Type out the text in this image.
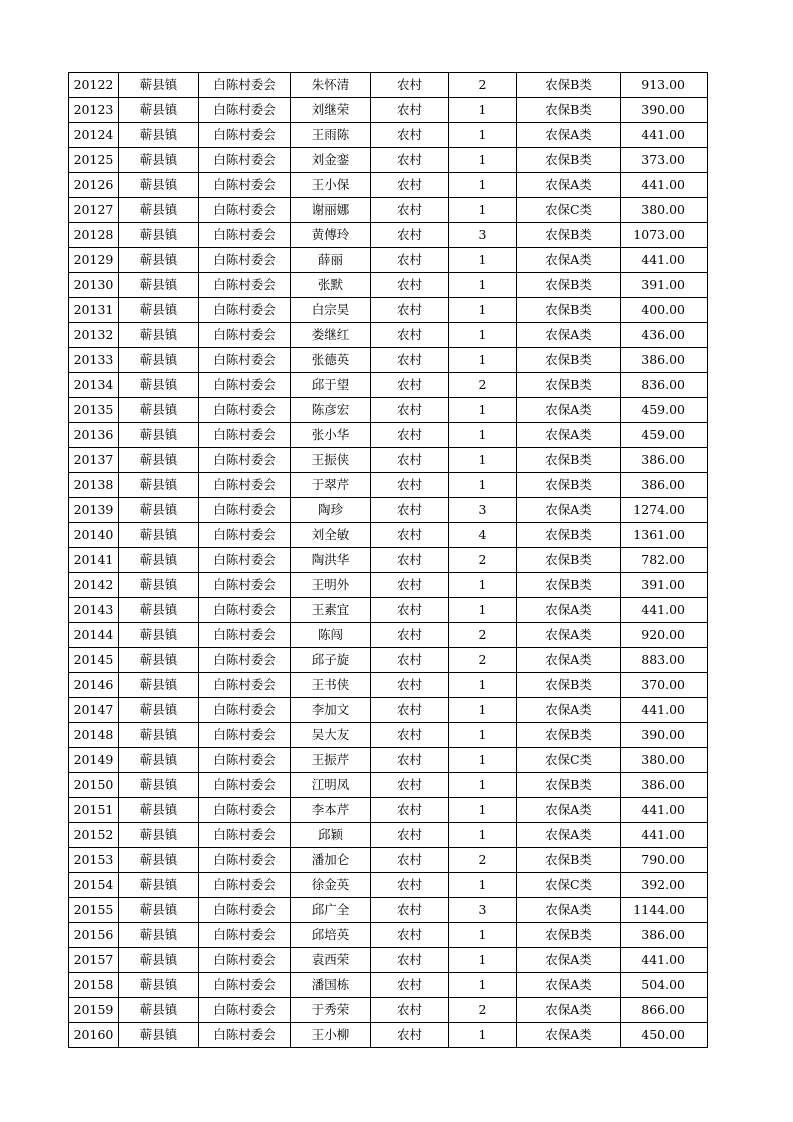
20122	蕲县镇	白陈村委会	朱怀清	农村	2	农保B类	913.00
20123	蕲县镇	白陈村委会	刘继荣	农村	1	农保B类	390.00
20124	蕲县镇	白陈村委会	王雨陈	农村	1	农保A类	441.00
20125	蕲县镇	白陈村委会	刘金銮	农村	1	农保B类	373.00
20126	蕲县镇	白陈村委会	王小保	农村	1	农保A类	441.00
20127	蕲县镇	白陈村委会	谢丽娜	农村	1	农保C类	380.00
20128	蕲县镇	白陈村委会	黄傅玲	农村	3	农保B类	1073.00
20129	蕲县镇	白陈村委会	薛丽	农村	1	农保A类	441.00
20130	蕲县镇	白陈村委会	张默	农村	1	农保B类	391.00
20131	蕲县镇	白陈村委会	白宗昊	农村	1	农保B类	400.00
20132	蕲县镇	白陈村委会	娄继红	农村	1	农保A类	436.00
20133	蕲县镇	白陈村委会	张德英	农村	1	农保B类	386.00
20134	蕲县镇	白陈村委会	邱于望	农村	2	农保B类	836.00
20135	蕲县镇	白陈村委会	陈彦宏	农村	1	农保A类	459.00
20136	蕲县镇	白陈村委会	张小华	农村	1	农保A类	459.00
20137	蕲县镇	白陈村委会	王振侠	农村	1	农保B类	386.00
20138	蕲县镇	白陈村委会	于翠芹	农村	1	农保B类	386.00
20139	蕲县镇	白陈村委会	陶珍	农村	3	农保A类	1274.00
20140	蕲县镇	白陈村委会	刘全敏	农村	4	农保B类	1361.00
20141	蕲县镇	白陈村委会	陶洪华	农村	2	农保B类	782.00
20142	蕲县镇	白陈村委会	王明外	农村	1	农保B类	391.00
20143	蕲县镇	白陈村委会	王素宜	农村	1	农保A类	441.00
20144	蕲县镇	白陈村委会	陈闯	农村	2	农保A类	920.00
20145	蕲县镇	白陈村委会	邱子旋	农村	2	农保A类	883.00
20146	蕲县镇	白陈村委会	王书侠	农村	1	农保B类	370.00
20147	蕲县镇	白陈村委会	李加文	农村	1	农保A类	441.00
20148	蕲县镇	白陈村委会	吴大友	农村	1	农保B类	390.00
20149	蕲县镇	白陈村委会	王振芹	农村	1	农保C类	380.00
20150	蕲县镇	白陈村委会	江明凤	农村	1	农保B类	386.00
20151	蕲县镇	白陈村委会	李本芹	农村	1	农保A类	441.00
20152	蕲县镇	白陈村委会	邱颖	农村	1	农保A类	441.00
20153	蕲县镇	白陈村委会	潘加仑	农村	2	农保B类	790.00
20154	蕲县镇	白陈村委会	徐金英	农村	1	农保C类	392.00
20155	蕲县镇	白陈村委会	邱广全	农村	3	农保A类	1144.00
20156	蕲县镇	白陈村委会	邱培英	农村	1	农保B类	386.00
20157	蕲县镇	白陈村委会	袁西荣	农村	1	农保A类	441.00
20158	蕲县镇	白陈村委会	潘国栋	农村	1	农保A类	504.00
20159	蕲县镇	白陈村委会	于秀荣	农村	2	农保A类	866.00
20160	蕲县镇	白陈村委会	王小柳	农村	1	农保A类	450.00
